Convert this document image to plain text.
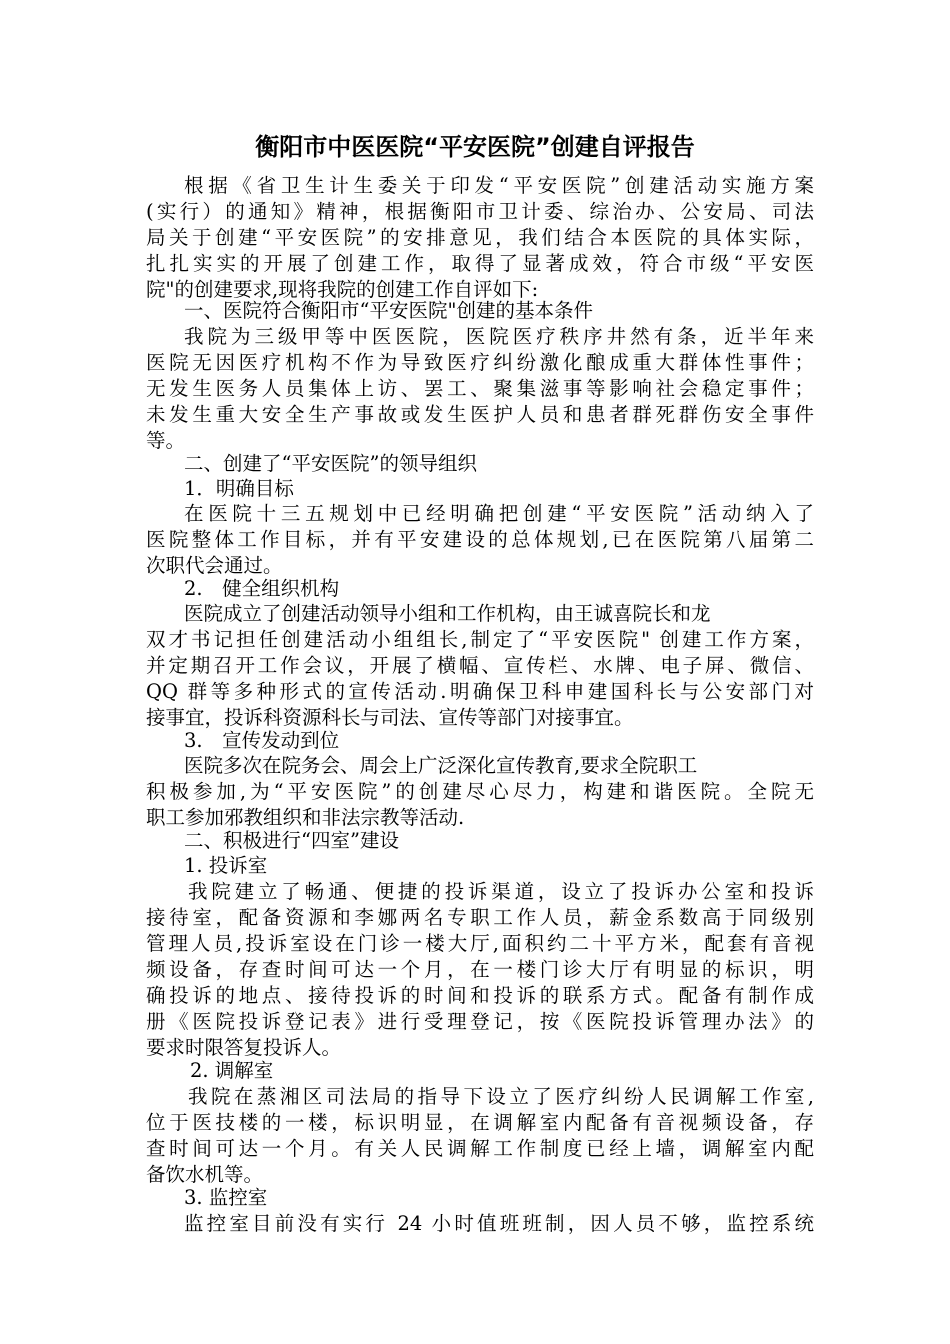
衡阳市中医医院“平安医院”创建自评报告
根据《省卫生计生委关于印发“平安医院”创建活动实施方案
(实行）的通知》精神，根据衡阳市卫计委、综治办、公安局、司法
局关于创建“平安医院”的安排意见，我们结合本医院的具体实际，
扎扎实实的开展了创建工作，取得了显著成效，符合市级“平安医
院"的创建要求,现将我院的创建工作自评如下:
一、医院符合衡阳市“平安医院"创建的基本条件
我院为三级甲等中医医院，医院医疗秩序井然有条，近半年来
医院无因医疗机构不作为导致医疗纠纷激化酿成重大群体性事件；
无发生医务人员集体上访、罢工、聚集滋事等影响社会稳定事件；
未发生重大安全生产事故或发生医护人员和患者群死群伤安全事件
等。
二、创建了“平安医院”的领导组织
1．明确目标
在医院十三五规划中已经明确把创建“平安医院”活动纳入了
医院整体工作目标，并有平安建设的总体规划,已在医院第八届第二
次职代会通过。
2.　健全组织机构
医院成立了创建活动领导小组和工作机构，由王诚喜院长和龙
双才书记担任创建活动小组组长,制定了“平安医院" 创建工作方案，
并定期召开工作会议，开展了横幅、宣传栏、水牌、电子屏、微信、
QQ 群等多种形式的宣传活动.明确保卫科申建国科长与公安部门对
接事宜，投诉科资源科长与司法、宣传等部门对接事宜。
3.　宣传发动到位
医院多次在院务会、周会上广泛深化宣传教育,要求全院职工
积极参加,为“平安医院”的创建尽心尽力，构建和谐医院。全院无
职工参加邪教组织和非法宗教等活动.
二、积极进行“四室”建设
1. 投诉室
我院建立了畅通、便捷的投诉渠道，设立了投诉办公室和投诉
接待室，配备资源和李娜两名专职工作人员，薪金系数高于同级别
管理人员,投诉室设在门诊一楼大厅,面积约二十平方米，配套有音视
频设备，存查时间可达一个月，在一楼门诊大厅有明显的标识，明
确投诉的地点、接待投诉的时间和投诉的联系方式。配备有制作成
册《医院投诉登记表》进行受理登记，按《医院投诉管理办法》的
要求时限答复投诉人。
2. 调解室
我院在蒸湘区司法局的指导下设立了医疗纠纷人民调解工作室,
位于医技楼的一楼，标识明显，在调解室内配备有音视频设备，存
查时间可达一个月。有关人民调解工作制度已经上墙，调解室内配
备饮水机等。
3. 监控室
监控室目前没有实行 24 小时值班班制，因人员不够，监控系统
